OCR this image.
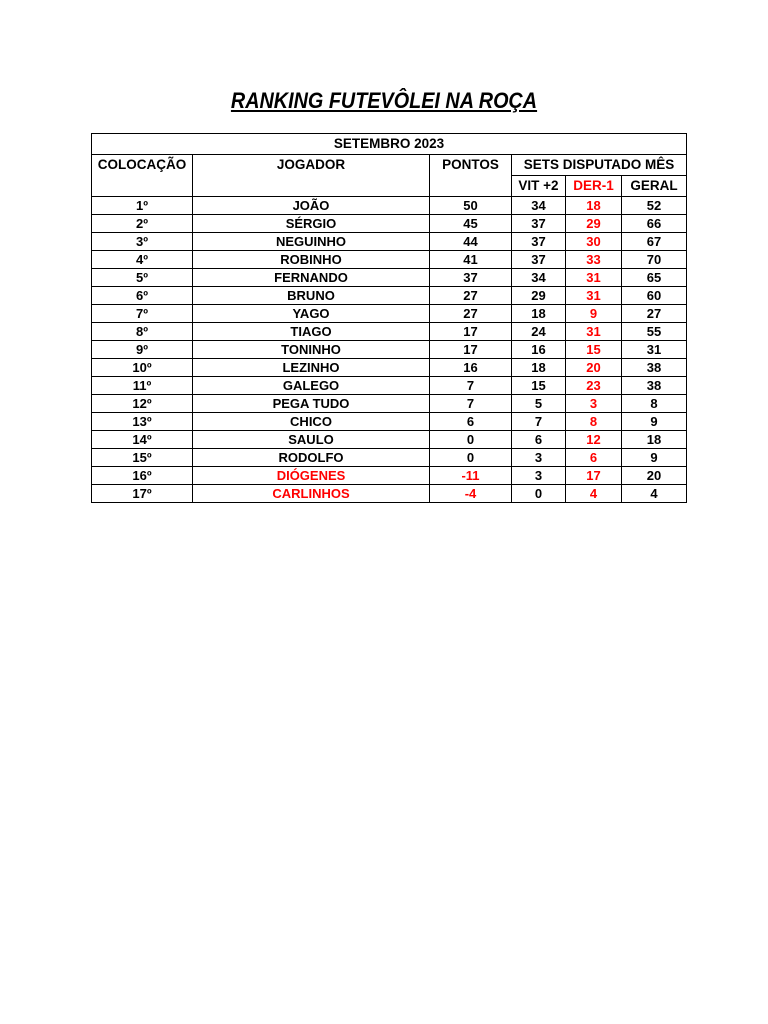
RANKING FUTEVÔLEI NA ROÇA
SETEMBRO 2023					
COLOCAÇÃO	JOGADOR	PONTOS	SETS DISPUTADO MÊS		
			VIT +2	DER-1	GERAL
1º	JOÃO	50	34	18	52
2º	SÉRGIO	45	37	29	66
3º	NEGUINHO	44	37	30	67
4º	ROBINHO	41	37	33	70
5º	FERNANDO	37	34	31	65
6º	BRUNO	27	29	31	60
7º	YAGO	27	18	9	27
8º	TIAGO	17	24	31	55
9º	TONINHO	17	16	15	31
10º	LEZINHO	16	18	20	38
11º	GALEGO	7	15	23	38
12º	PEGA TUDO	7	5	3	8
13º	CHICO	6	7	8	9
14º	SAULO	0	6	12	18
15º	RODOLFO	0	3	6	9
16º	DIÓGENES	-11	3	17	20
17º	CARLINHOS	-4	0	4	4
